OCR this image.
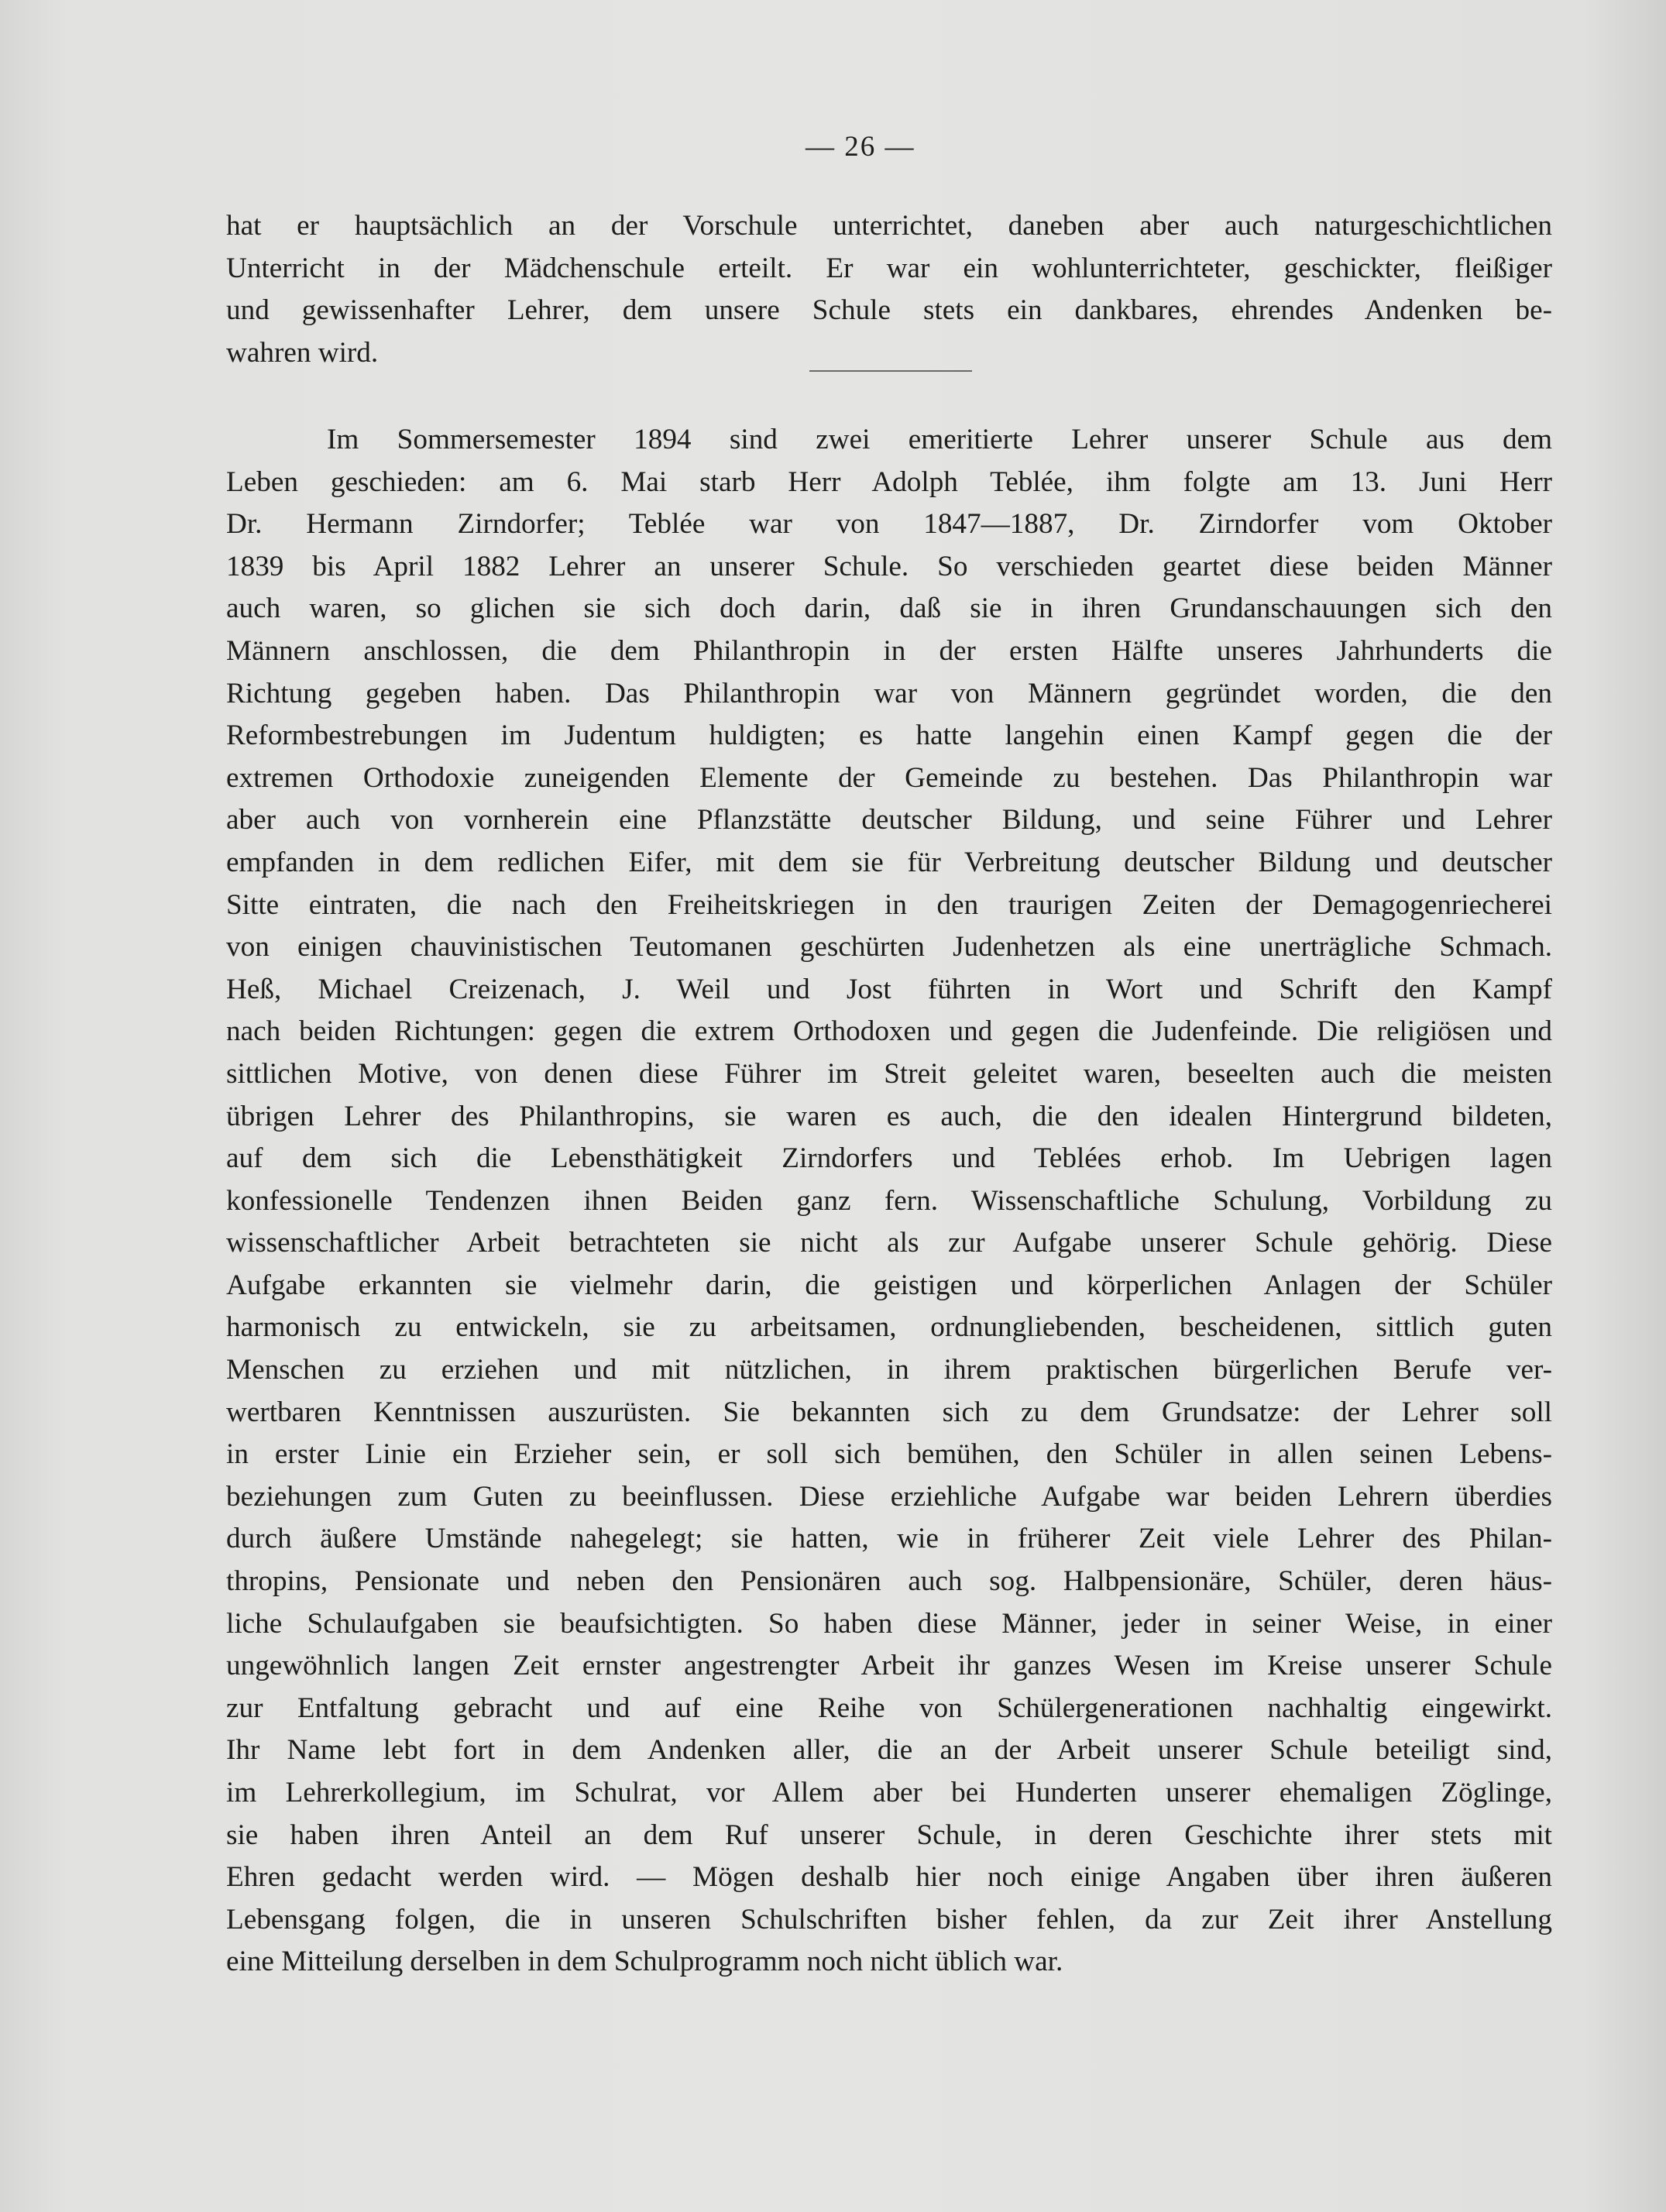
— 26 —
hat er hauptsächlich an der Vorschule unterrichtet, daneben aber auch naturgeschichtlichen
Unterricht in der Mädchenschule erteilt. Er war ein wohlunterrichteter, geschickter, fleißiger
und gewissenhafter Lehrer, dem unsere Schule stets ein dankbares, ehrendes Andenken be-
wahren wird.
Im Sommersemester 1894 sind zwei emeritierte Lehrer unserer Schule aus dem
Leben geschieden: am 6. Mai starb Herr Adolph Teblée, ihm folgte am 13. Juni Herr
Dr. Hermann Zirndorfer; Teblée war von 1847—1887, Dr. Zirndorfer vom Oktober
1839 bis April 1882 Lehrer an unserer Schule. So verschieden geartet diese beiden Männer
auch waren, so glichen sie sich doch darin, daß sie in ihren Grundanschauungen sich den
Männern anschlossen, die dem Philanthropin in der ersten Hälfte unseres Jahrhunderts die
Richtung gegeben haben. Das Philanthropin war von Männern gegründet worden, die den
Reformbestrebungen im Judentum huldigten; es hatte langehin einen Kampf gegen die der
extremen Orthodoxie zuneigenden Elemente der Gemeinde zu bestehen. Das Philanthropin war
aber auch von vornherein eine Pflanzstätte deutscher Bildung, und seine Führer und Lehrer
empfanden in dem redlichen Eifer, mit dem sie für Verbreitung deutscher Bildung und deutscher
Sitte eintraten, die nach den Freiheitskriegen in den traurigen Zeiten der Demagogenriecherei
von einigen chauvinistischen Teutomanen geschürten Judenhetzen als eine unerträgliche Schmach.
Heß, Michael Creizenach, J. Weil und Jost führten in Wort und Schrift den Kampf
nach beiden Richtungen: gegen die extrem Orthodoxen und gegen die Judenfeinde. Die religiösen und
sittlichen Motive, von denen diese Führer im Streit geleitet waren, beseelten auch die meisten
übrigen Lehrer des Philanthropins, sie waren es auch, die den idealen Hintergrund bildeten,
auf dem sich die Lebensthätigkeit Zirndorfers und Teblées erhob. Im Uebrigen lagen
konfessionelle Tendenzen ihnen Beiden ganz fern. Wissenschaftliche Schulung, Vorbildung zu
wissenschaftlicher Arbeit betrachteten sie nicht als zur Aufgabe unserer Schule gehörig. Diese
Aufgabe erkannten sie vielmehr darin, die geistigen und körperlichen Anlagen der Schüler
harmonisch zu entwickeln, sie zu arbeitsamen, ordnungliebenden, bescheidenen, sittlich guten
Menschen zu erziehen und mit nützlichen, in ihrem praktischen bürgerlichen Berufe ver-
wertbaren Kenntnissen auszurüsten. Sie bekannten sich zu dem Grundsatze: der Lehrer soll
in erster Linie ein Erzieher sein, er soll sich bemühen, den Schüler in allen seinen Lebens-
beziehungen zum Guten zu beeinflussen. Diese erziehliche Aufgabe war beiden Lehrern überdies
durch äußere Umstände nahegelegt; sie hatten, wie in früherer Zeit viele Lehrer des Philan-
thropins, Pensionate und neben den Pensionären auch sog. Halbpensionäre, Schüler, deren häus-
liche Schulaufgaben sie beaufsichtigten. So haben diese Männer, jeder in seiner Weise, in einer
ungewöhnlich langen Zeit ernster angestrengter Arbeit ihr ganzes Wesen im Kreise unserer Schule
zur Entfaltung gebracht und auf eine Reihe von Schülergenerationen nachhaltig eingewirkt.
Ihr Name lebt fort in dem Andenken aller, die an der Arbeit unserer Schule beteiligt sind,
im Lehrerkollegium, im Schulrat, vor Allem aber bei Hunderten unserer ehemaligen Zöglinge,
sie haben ihren Anteil an dem Ruf unserer Schule, in deren Geschichte ihrer stets mit
Ehren gedacht werden wird. — Mögen deshalb hier noch einige Angaben über ihren äußeren
Lebensgang folgen, die in unseren Schulschriften bisher fehlen, da zur Zeit ihrer Anstellung
eine Mitteilung derselben in dem Schulprogramm noch nicht üblich war.
